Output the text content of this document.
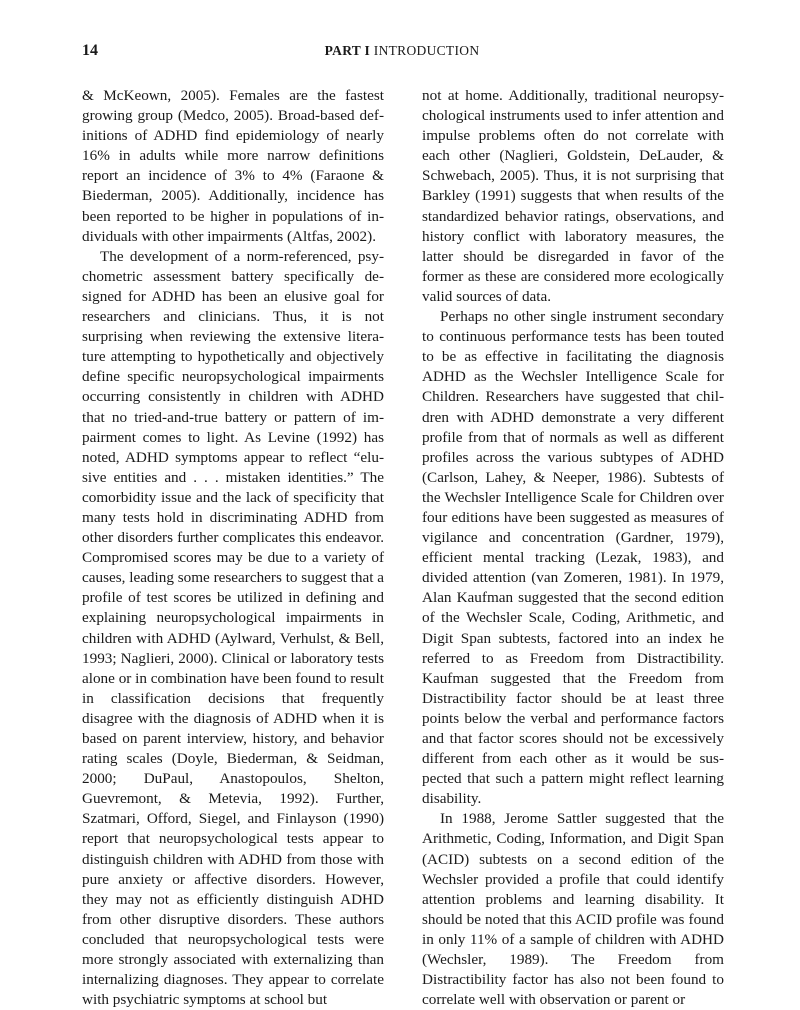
14	PART I INTRODUCTION

& McKeown, 2005). Females are the fastest growing group (Medco, 2005). Broad-based definitions of ADHD find epidemiology of nearly 16% in adults while more narrow definitions report an incidence of 3% to 4% (Faraone & Biederman, 2005). Additionally, incidence has been reported to be higher in populations of individuals with other impairments (Altfas, 2002).

The development of a norm-referenced, psychometric assessment battery specifically designed for ADHD has been an elusive goal for researchers and clinicians. Thus, it is not surprising when reviewing the extensive literature attempting to hypothetically and objectively define specific neuropsychological impairments occurring consistently in children with ADHD that no tried-and-true battery or pattern of impairment comes to light. As Levine (1992) has noted, ADHD symptoms appear to reflect “elusive entities and . . . mistaken identities.” The comorbidity issue and the lack of specificity that many tests hold in discriminating ADHD from other disorders further complicates this endeavor. Compromised scores may be due to a variety of causes, leading some researchers to suggest that a profile of test scores be utilized in defining and explaining neuropsychological impairments in children with ADHD (Aylward, Verhulst, & Bell, 1993; Naglieri, 2000). Clinical or laboratory tests alone or in combination have been found to result in classification decisions that frequently disagree with the diagnosis of ADHD when it is based on parent interview, history, and behavior rating scales (Doyle, Biederman, & Seidman, 2000; DuPaul, Anastopoulos, Shelton, Guevremont, & Metevia, 1992). Further, Szatmari, Offord, Siegel, and Finlayson (1990) report that neuropsychological tests appear to distinguish children with ADHD from those with pure anxiety or affective disorders. However, they may not as efficiently distinguish ADHD from other disruptive disorders. These authors concluded that neuropsychological tests were more strongly associated with externalizing than internalizing diagnoses. They appear to correlate with psychiatric symptoms at school but

not at home. Additionally, traditional neuropsychological instruments used to infer attention and impulse problems often do not correlate with each other (Naglieri, Goldstein, DeLauder, & Schwebach, 2005). Thus, it is not surprising that Barkley (1991) suggests that when results of the standardized behavior ratings, observations, and history conflict with laboratory measures, the latter should be disregarded in favor of the former as these are considered more ecologically valid sources of data.

Perhaps no other single instrument secondary to continuous performance tests has been touted to be as effective in facilitating the diagnosis ADHD as the Wechsler Intelligence Scale for Children. Researchers have suggested that children with ADHD demonstrate a very different profile from that of normals as well as different profiles across the various subtypes of ADHD (Carlson, Lahey, & Neeper, 1986). Subtests of the Wechsler Intelligence Scale for Children over four editions have been suggested as measures of vigilance and concentration (Gardner, 1979), efficient mental tracking (Lezak, 1983), and divided attention (van Zomeren, 1981). In 1979, Alan Kaufman suggested that the second edition of the Wechsler Scale, Coding, Arithmetic, and Digit Span subtests, factored into an index he referred to as Freedom from Distractibility. Kaufman suggested that the Freedom from Distractibility factor should be at least three points below the verbal and performance factors and that factor scores should not be excessively different from each other as it would be suspected that such a pattern might reflect learning disability.

In 1988, Jerome Sattler suggested that the Arithmetic, Coding, Information, and Digit Span (ACID) subtests on a second edition of the Wechsler provided a profile that could identify attention problems and learning disability. It should be noted that this ACID profile was found in only 11% of a sample of children with ADHD (Wechsler, 1989). The Freedom from Distractibility factor has also not been found to correlate well with observation or parent or
